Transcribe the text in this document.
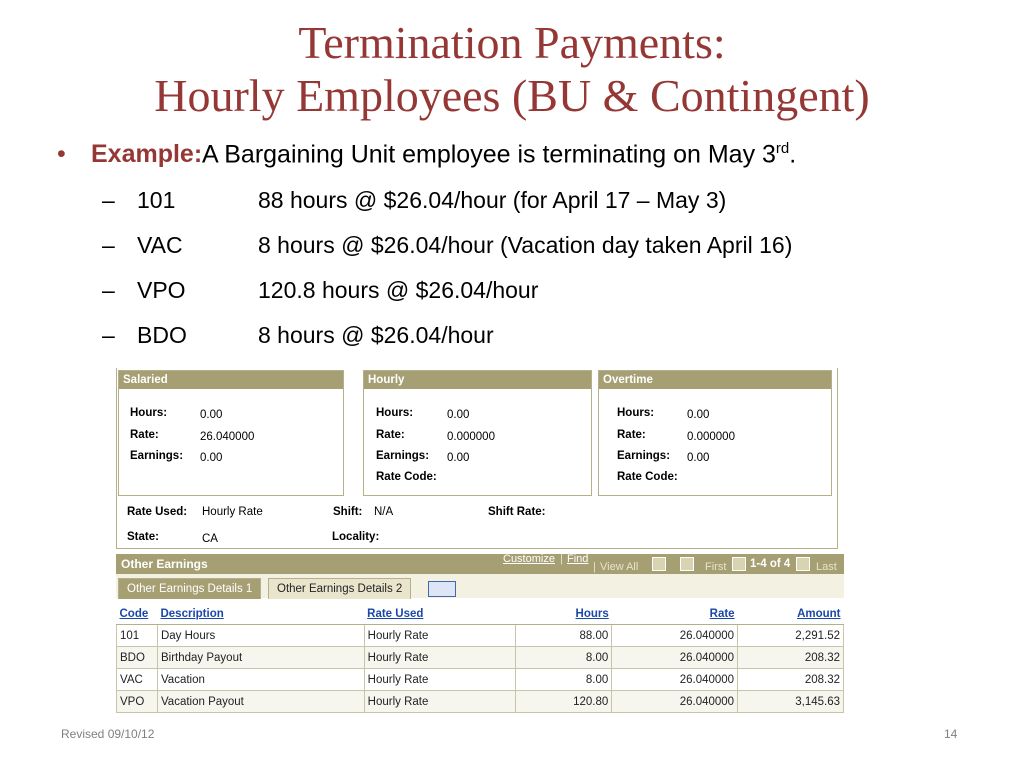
Termination Payments:
Hourly Employees (BU & Contingent)
• Example: A Bargaining Unit employee is terminating on May 3rd.
– 101	88 hours @ $26.04/hour (for April 17 – May 3)
– VAC	8 hours @ $26.04/hour (Vacation day taken April 16)
– VPO	120.8 hours @ $26.04/hour
– BDO	8 hours @ $26.04/hour
Salaried
Hours:	0.00
Rate:	26.040000
Earnings: 0.00
Hourly
Hours:	0.00
Rate:	0.000000
Earnings: 0.00
Rate Code:
Overtime
Hours:	0.00
Rate:	0.000000
Earnings: 0.00
Rate Code:
Rate Used: Hourly Rate	Shift: N/A	Shift Rate:
State:	CA	Locality:
Other Earnings	Customize | Find
| View All	First 1-4 of 4 Last
Other Earnings Details 1	Other Earnings Details 2
Code	Description	Rate Used	Hours	Rate	Amount
101	Day Hours	Hourly Rate	88.00	26.040000	2,291.52
BDO	Birthday Payout	Hourly Rate	8.00	26.040000	208.32
VAC	Vacation	Hourly Rate	8.00	26.040000	208.32
VPO	Vacation Payout	Hourly Rate	120.80	26.040000	3,145.63
Revised 09/10/12	14
